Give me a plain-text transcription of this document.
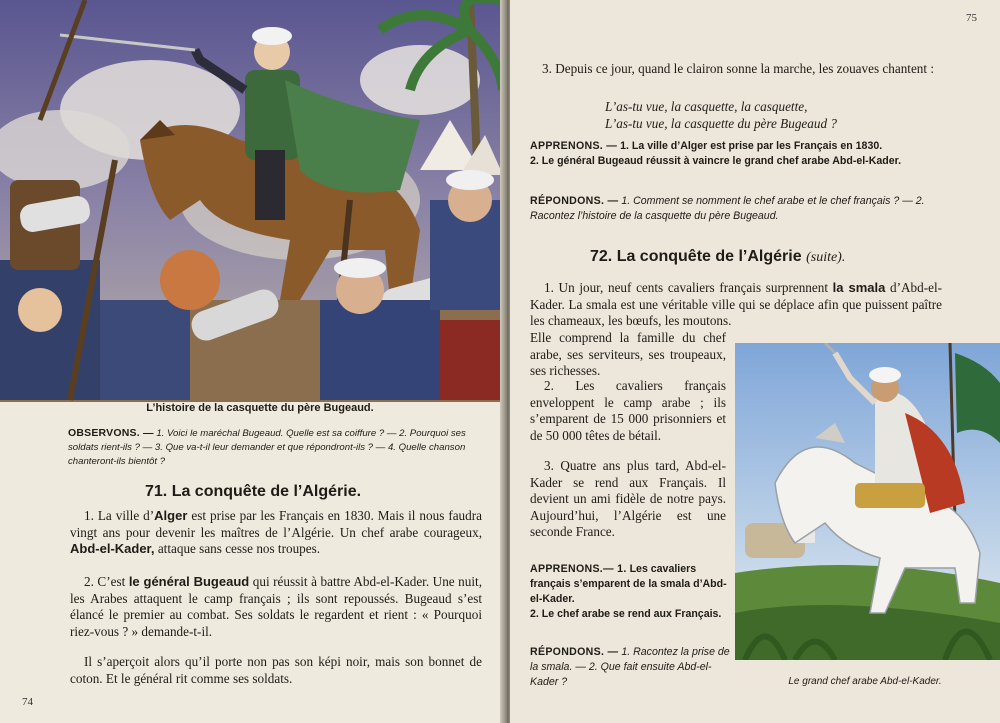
L’histoire de la casquette du père Bugeaud.
OBSERVONS. — 1. Voici le maréchal Bugeaud. Quelle est sa coiffure ? — 2. Pourquoi ses soldats rient-ils ? — 3. Que va-t-il leur demander et que répondront-ils ? — 4. Quelle chanson chanteront-ils bientôt ?
71. La conquête de l’Algérie.

1. La ville d’Alger est prise par les Français en 1830. Mais il nous faudra vingt ans pour devenir les maîtres de l’Algérie. Un chef arabe courageux, Abd-el-Kader, attaque sans cesse nos troupes.

2. C’est le général Bugeaud qui réussit à battre Abd-el-Kader. Une nuit, les Arabes attaquent le camp français ; ils sont repoussés. Bugeaud s’est élancé le premier au combat. Ses soldats le regardent et rient : « Pourquoi riez-vous ? » demande-t-il.

Il s’aperçoit alors qu’il porte non pas son képi noir, mais son bonnet de coton. Et le général rit comme ses soldats.

74
75

3. Depuis ce jour, quand le clairon sonne la marche, les zouaves chantent :

L’as-tu vue, la casquette, la casquette,
L’as-tu vue, la casquette du père Bugeaud ?
APPRENONS. — 1. La ville d’Alger est prise par les Français en 1830.
2. Le général Bugeaud réussit à vaincre le grand chef arabe Abd-el-Kader.
RÉPONDONS. — 1. Comment se nomment le chef arabe et le chef français ? — 2. Racontez l’histoire de la casquette du père Bugeaud.
72. La conquête de l’Algérie (suite).

1. Un jour, neuf cents cavaliers français surprennent la smala d’Abd-el-Kader. La smala est une véritable ville qui se déplace afin que puissent paître les chameaux, les bœufs, les moutons.

Elle comprend la famille du chef arabe, ses serviteurs, ses troupeaux, ses richesses.

2. Les cavaliers français enveloppent le camp arabe ; ils s’emparent de 15 000 prisonniers et de 50 000 têtes de bétail.

3. Quatre ans plus tard, Abd-el-Kader se rend aux Français. Il devient un ami fidèle de notre pays. Aujourd’hui, l’Algérie est une seconde France.

APPRENONS.— 1. Les cavaliers français s’emparent de la smala d’Abd-el-Kader.
2. Le chef arabe se rend aux Français.
RÉPONDONS. — 1. Racontez la prise de la smala. — 2. Que fait ensuite Abd-el-Kader ?	Le grand chef arabe Abd-el-Kader.
